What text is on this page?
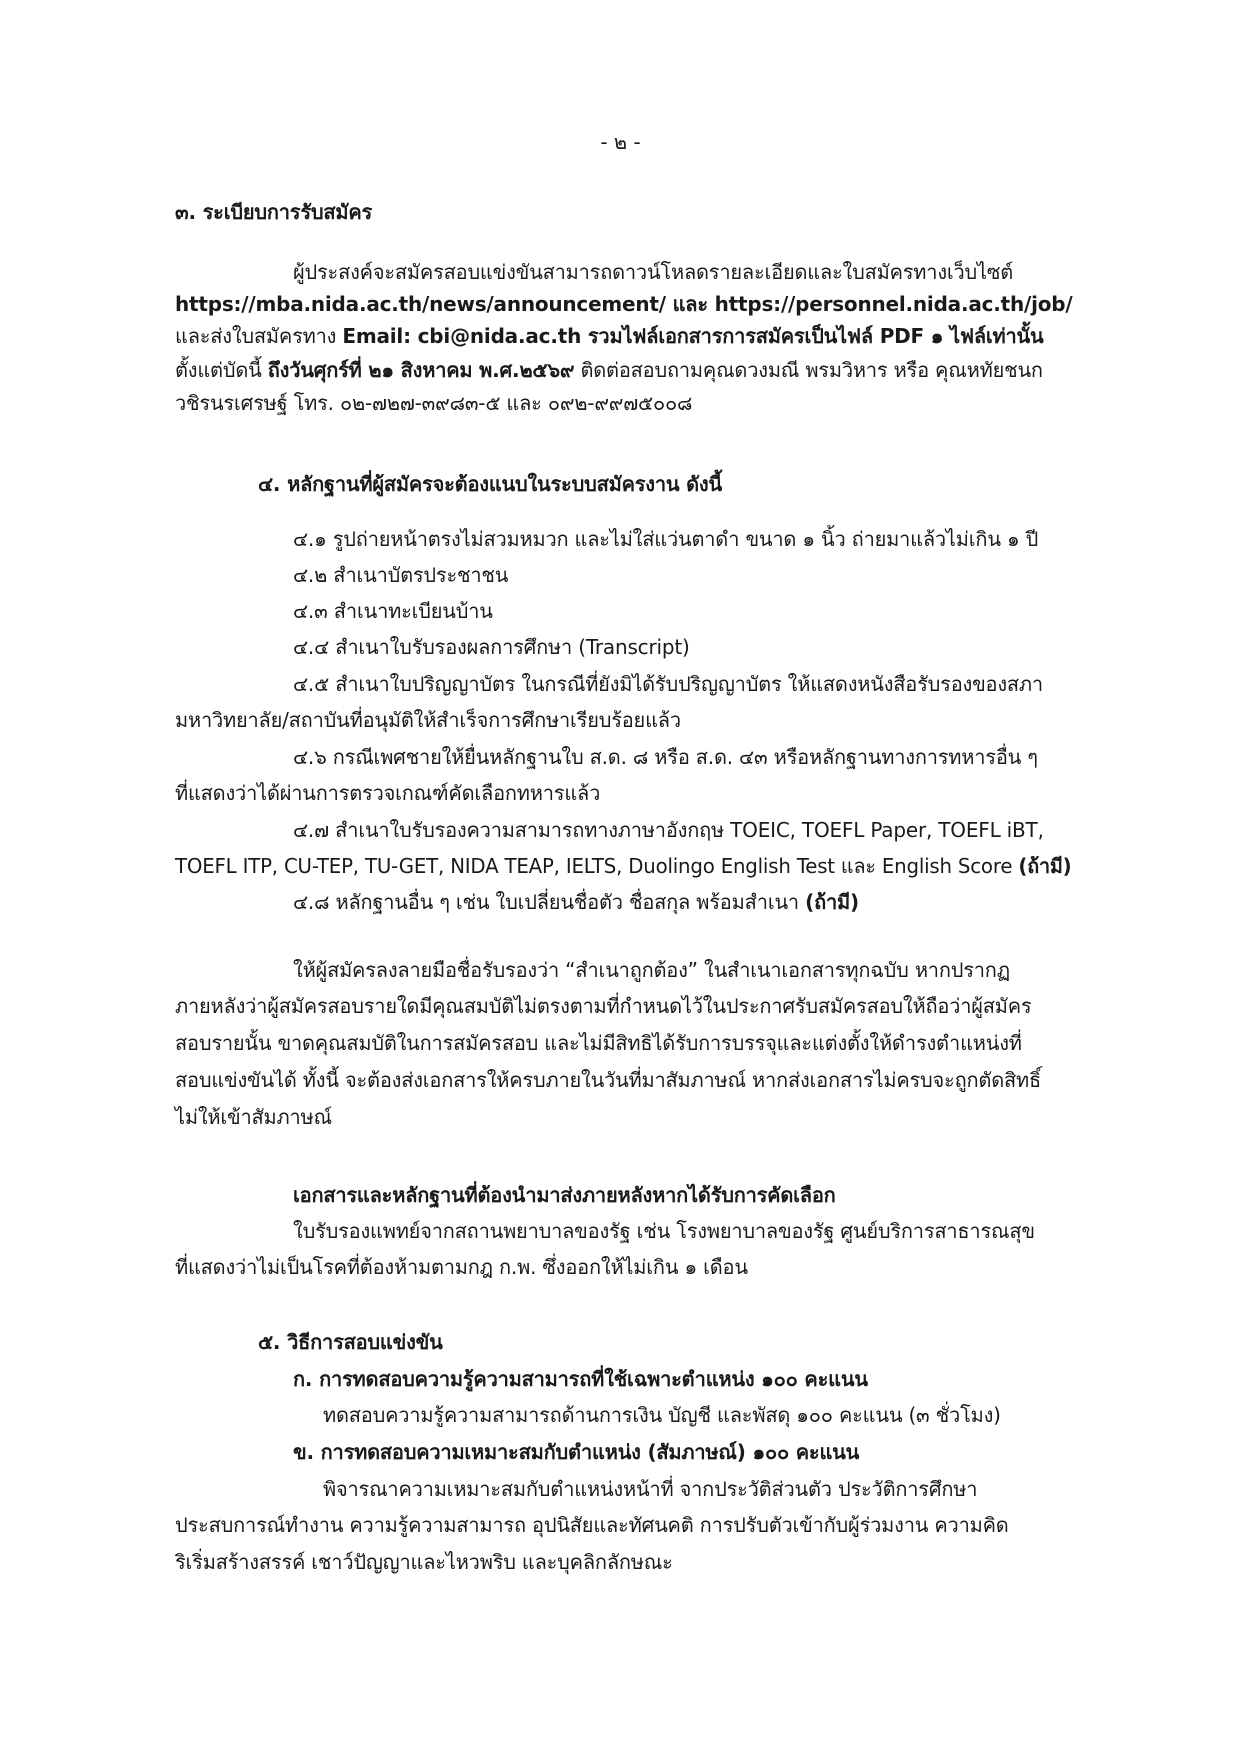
- ๒ -
๓. ระเบียบการรับสมัคร
ผู้ประสงค์จะสมัครสอบแข่งขันสามารถดาวน์โหลดรายละเอียดและใบสมัครทางเว็บไซต์
https://mba.nida.ac.th/news/announcement/ และ https://personnel.nida.ac.th/job/
และส่งใบสมัครทาง Email: cbi@nida.ac.th รวมไฟล์เอกสารการสมัครเป็นไฟล์ PDF ๑ ไฟล์เท่านั้น
ตั้งแต่บัดนี้ ถึงวันศุกร์ที่ ๒๑ สิงหาคม พ.ศ.๒๕๖๙ ติดต่อสอบถามคุณดวงมณี พรมวิหาร หรือ คุณหทัยชนก
วชิรนรเศรษฐ์ โทร. ๐๒-๗๒๗-๓๙๘๓-๕ และ ๐๙๒-๙๙๗๕๐๐๘
๔. หลักฐานที่ผู้สมัครจะต้องแนบในระบบสมัครงาน ดังนี้
๔.๑ รูปถ่ายหน้าตรงไม่สวมหมวก และไม่ใส่แว่นตาดำ ขนาด ๑ นิ้ว ถ่ายมาแล้วไม่เกิน ๑ ปี
๔.๒ สำเนาบัตรประชาชน
๔.๓ สำเนาทะเบียนบ้าน
๔.๔ สำเนาใบรับรองผลการศึกษา (Transcript)
๔.๕ สำเนาใบปริญญาบัตร ในกรณีที่ยังมิได้รับปริญญาบัตร ให้แสดงหนังสือรับรองของสภา
มหาวิทยาลัย/สถาบันที่อนุมัติให้สำเร็จการศึกษาเรียบร้อยแล้ว
๔.๖ กรณีเพศชายให้ยื่นหลักฐานใบ ส.ด. ๘ หรือ ส.ด. ๔๓ หรือหลักฐานทางการทหารอื่น ๆ
ที่แสดงว่าได้ผ่านการตรวจเกณฑ์คัดเลือกทหารแล้ว
๔.๗ สำเนาใบรับรองความสามารถทางภาษาอังกฤษ TOEIC, TOEFL Paper, TOEFL iBT,
TOEFL ITP, CU-TEP, TU-GET, NIDA TEAP, IELTS, Duolingo English Test และ English Score (ถ้ามี)
๔.๘ หลักฐานอื่น ๆ เช่น ใบเปลี่ยนชื่อตัว ชื่อสกุล พร้อมสำเนา (ถ้ามี)
ให้ผู้สมัครลงลายมือชื่อรับรองว่า “สำเนาถูกต้อง” ในสำเนาเอกสารทุกฉบับ หากปรากฏ
ภายหลังว่าผู้สมัครสอบรายใดมีคุณสมบัติไม่ตรงตามที่กำหนดไว้ในประกาศรับสมัครสอบให้ถือว่าผู้สมัคร
สอบรายนั้น ขาดคุณสมบัติในการสมัครสอบ และไม่มีสิทธิได้รับการบรรจุและแต่งตั้งให้ดำรงตำแหน่งที่
สอบแข่งขันได้ ทั้งนี้ จะต้องส่งเอกสารให้ครบภายในวันที่มาสัมภาษณ์ หากส่งเอกสารไม่ครบจะถูกตัดสิทธิ์
ไม่ให้เข้าสัมภาษณ์
เอกสารและหลักฐานที่ต้องนำมาส่งภายหลังหากได้รับการคัดเลือก
ใบรับรองแพทย์จากสถานพยาบาลของรัฐ เช่น โรงพยาบาลของรัฐ ศูนย์บริการสาธารณสุข
ที่แสดงว่าไม่เป็นโรคที่ต้องห้ามตามกฎ ก.พ. ซึ่งออกให้ไม่เกิน ๑ เดือน
๕. วิธีการสอบแข่งขัน
ก. การทดสอบความรู้ความสามารถที่ใช้เฉพาะตำแหน่ง ๑๐๐ คะแนน
ทดสอบความรู้ความสามารถด้านการเงิน บัญชี และพัสดุ ๑๐๐ คะแนน (๓ ชั่วโมง)
ข. การทดสอบความเหมาะสมกับตำแหน่ง (สัมภาษณ์) ๑๐๐ คะแนน
พิจารณาความเหมาะสมกับตำแหน่งหน้าที่ จากประวัติส่วนตัว ประวัติการศึกษา
ประสบการณ์ทำงาน ความรู้ความสามารถ อุปนิสัยและทัศนคติ การปรับตัวเข้ากับผู้ร่วมงาน ความคิด
ริเริ่มสร้างสรรค์ เชาว์ปัญญาและไหวพริบ และบุคลิกลักษณะ
